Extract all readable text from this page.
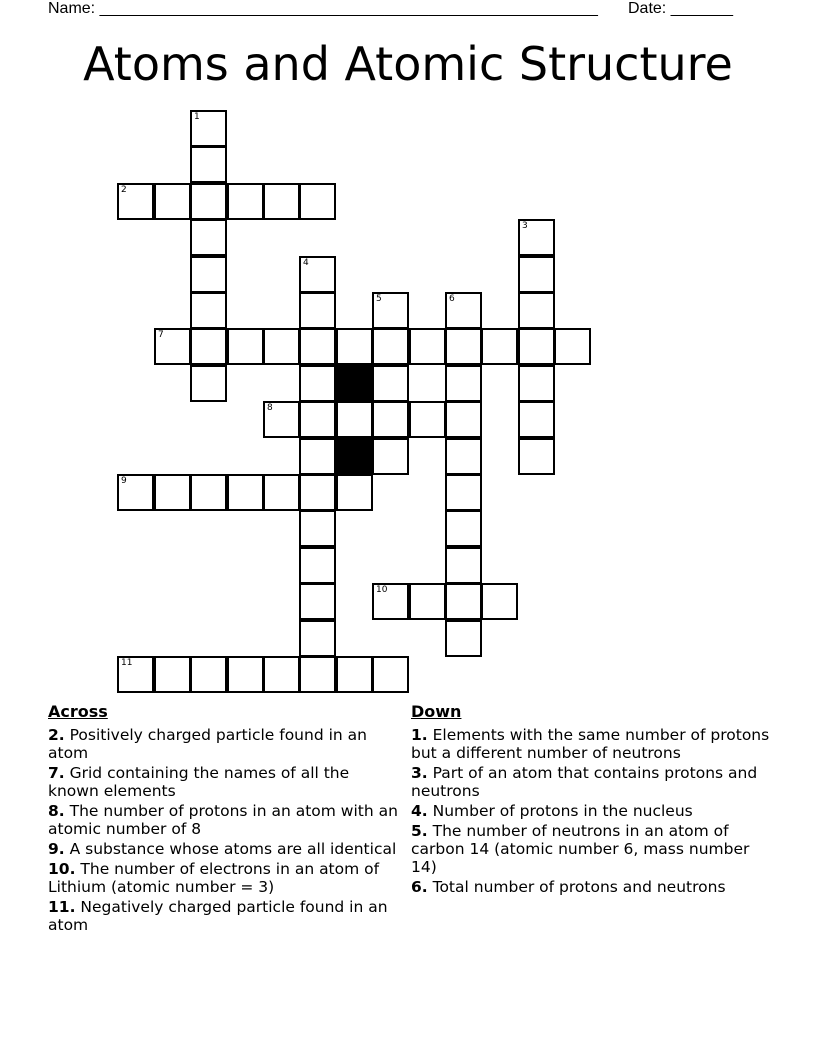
Name: ________________________________________________________ Date: _______
Atoms and Atomic Structure
1
2
3
4
5	6
7
8
9
10
11
Across
2. Positively charged particle found in an atom
7. Grid containing the names of all the known elements
8. The number of protons in an atom with an atomic number of 8
9. A substance whose atoms are all identical
10. The number of electrons in an atom of Lithium (atomic number = 3)
11. Negatively charged particle found in an atom
Down
1. Elements with the same number of protons but a different number of neutrons
3. Part of an atom that contains protons and neutrons
4. Number of protons in the nucleus
5. The number of neutrons in an atom of carbon 14 (atomic number 6, mass number 14)
6. Total number of protons and neutrons
